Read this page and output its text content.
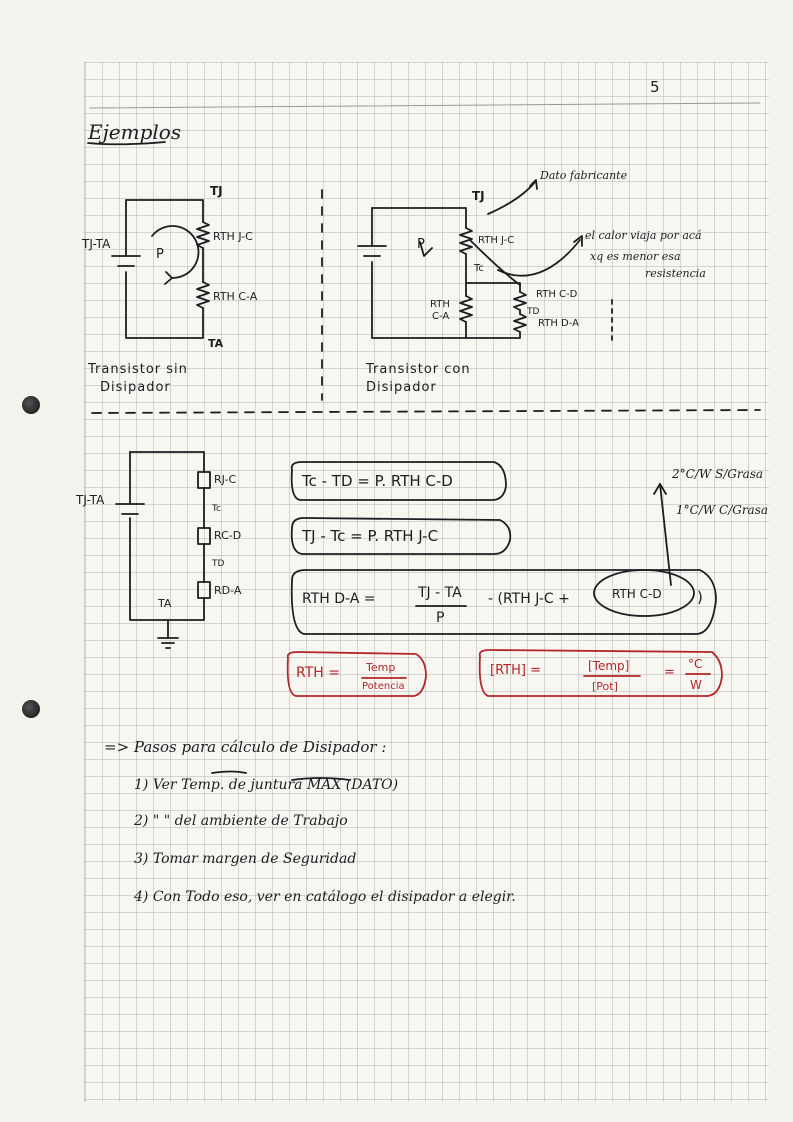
5
Ejemplos
TJ
RTH J-C
RTH C-A
TA
TJ-TA
P
Transistor sin
Disipador
TJ
P	RTH J-C
Tc
RTH
C-A
RTH C-D
TD
RTH D-A
Dato fabricante
el calor viaja por acá
xq es menor esa
resistencia
Transistor con
Disipador
TJ-TA
RJ-C
Tc
RC-D
TD
RD-A
TA
Tc - TD = P. RTH C-D
TJ - Tc = P. RTH J-C
RTH D-A =	TJ - TA
P
- (RTH J-C +	RTH C-D )
2°C/W S/Grasa
1°C/W C/Grasa
RTH = Temp
Potencia
[RTH] =	[Temp]
[Pot]
=
°C
W
=> Pasos para cálculo de Disipador :
1) Ver Temp. de juntura MAX (DATO)
2) " " del ambiente de Trabajo
3) Tomar margen de Seguridad
4) Con Todo eso, ver en catálogo el disipador a elegir.
